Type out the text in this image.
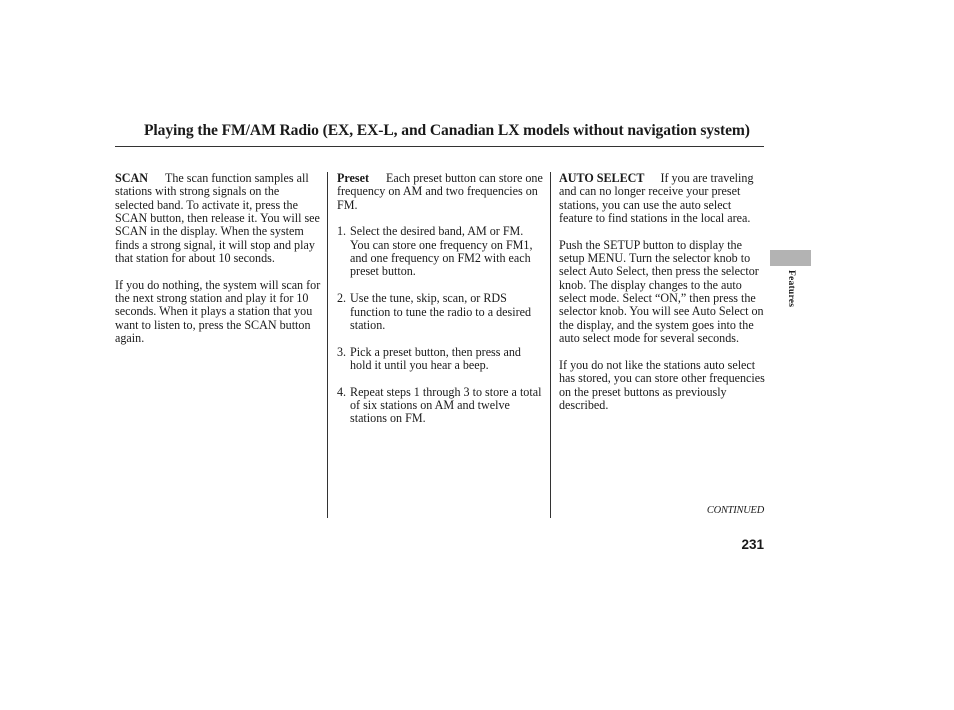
Playing the FM/AM Radio (EX, EX-L, and Canadian LX models without navigation system)

SCAN The scan function samples all stations with strong signals on the selected band. To activate it, press the SCAN button, then release it. You will see SCAN in the display. When the system finds a strong signal, it will stop and play that station for about 10 seconds.

If you do nothing, the system will scan for the next strong station and play it for 10 seconds. When it plays a station that you want to listen to, press the SCAN button again.

Preset Each preset button can store one frequency on AM and two frequencies on FM.

1. Select the desired band, AM or FM. You can store one frequency on FM1, and one frequency on FM2 with each preset button.
2. Use the tune, skip, scan, or RDS function to tune the radio to a desired station.
3. Pick a preset button, then press and hold it until you hear a beep.
4. Repeat steps 1 through 3 to store a total of six stations on AM and twelve stations on FM.

AUTO SELECT If you are traveling and can no longer receive your preset stations, you can use the auto select feature to find stations in the local area.

Push the SETUP button to display the setup MENU. Turn the selector knob to select Auto Select, then press the selector knob. The display changes to the auto select mode. Select “ON,” then press the selector knob. You will see Auto Select on the display, and the system goes into the auto select mode for several seconds.

If you do not like the stations auto select has stored, you can store other frequencies on the preset buttons as previously described.

CONTINUED
231
Features
